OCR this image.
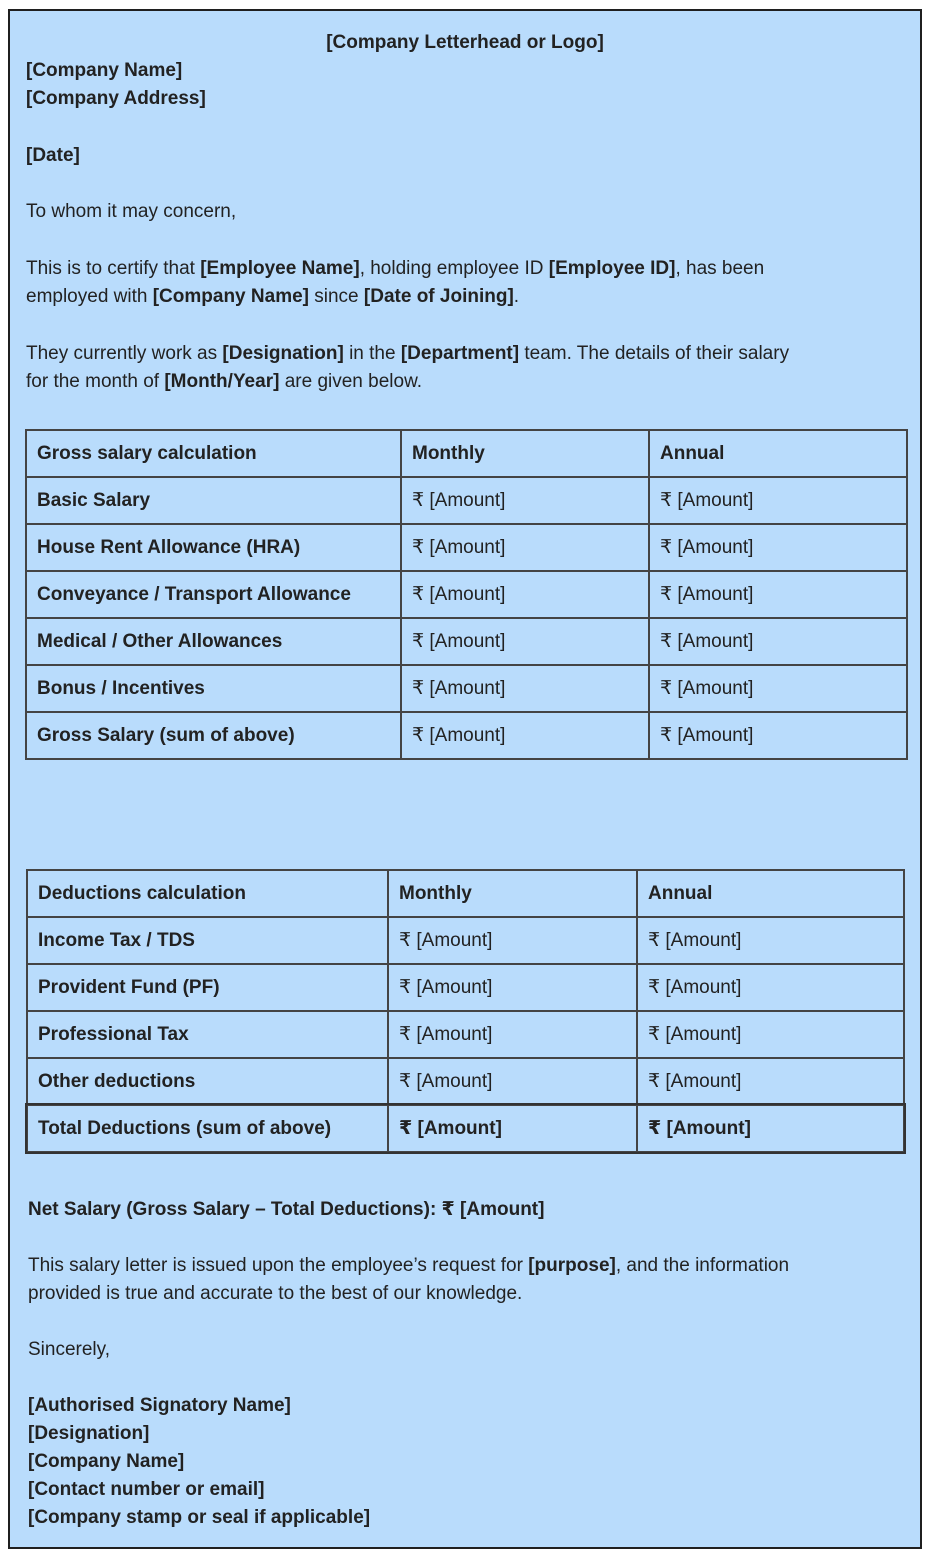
[Company Letterhead or Logo]
[Company Name]
[Company Address]
[Date]
To whom it may concern,
This is to certify that [Employee Name], holding employee ID [Employee ID], has been
employed with [Company Name] since [Date of Joining].
They currently work as [Designation] in the [Department] team. The details of their salary
for the month of [Month/Year] are given below.
Gross salary calculation	Monthly	Annual
Basic Salary	₹ [Amount]	₹ [Amount]
House Rent Allowance (HRA)	₹ [Amount]	₹ [Amount]
Conveyance / Transport Allowance	₹ [Amount]	₹ [Amount]
Medical / Other Allowances	₹ [Amount]	₹ [Amount]
Bonus / Incentives	₹ [Amount]	₹ [Amount]
Gross Salary (sum of above)	₹ [Amount]	₹ [Amount]
Deductions calculation	Monthly	Annual
Income Tax / TDS	₹ [Amount]	₹ [Amount]
Provident Fund (PF)	₹ [Amount]	₹ [Amount]
Professional Tax	₹ [Amount]	₹ [Amount]
Other deductions	₹ [Amount]	₹ [Amount]
Total Deductions (sum of above)	₹ [Amount]	₹ [Amount]
Net Salary (Gross Salary – Total Deductions): ₹ [Amount]
This salary letter is issued upon the employee’s request for [purpose], and the information
provided is true and accurate to the best of our knowledge.
Sincerely,
[Authorised Signatory Name]
[Designation]
[Company Name]
[Contact number or email]
[Company stamp or seal if applicable]
